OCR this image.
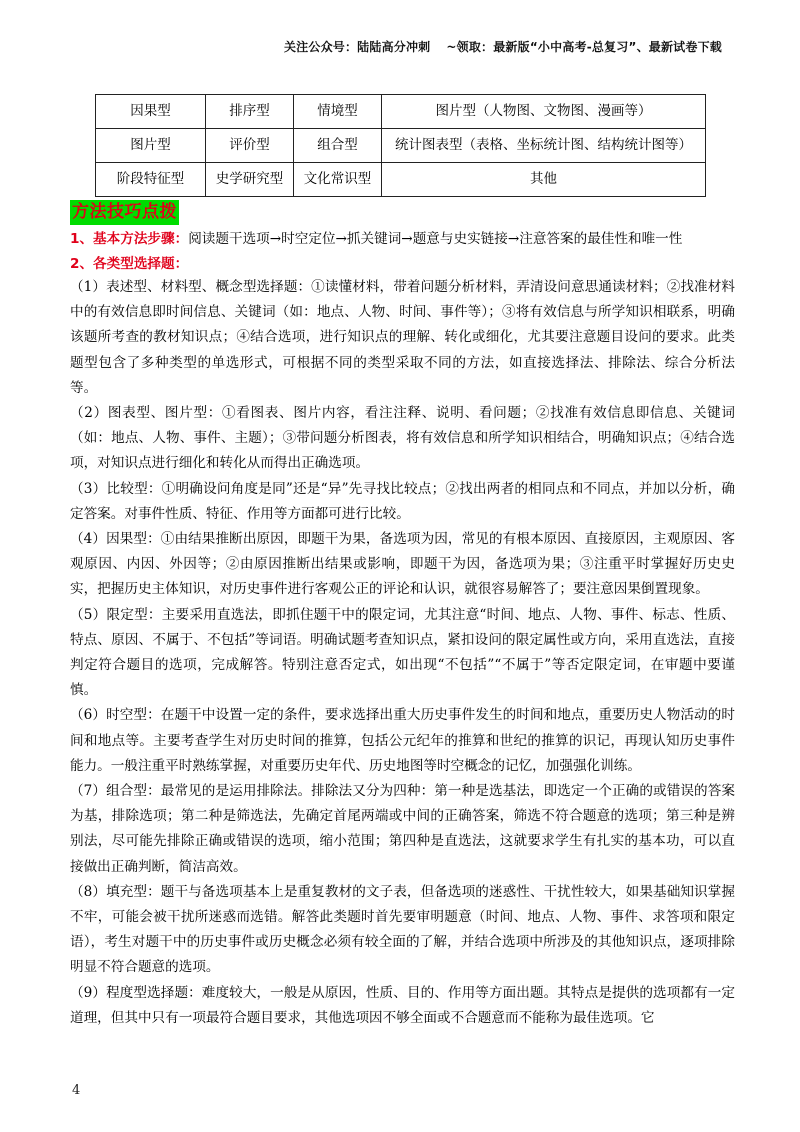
关注公众号：陆陆高分冲刺 ~领取：最新版“小中高考-总复习”、最新试卷下载
因果型	排序型	情境型	图片型（人物图、文物图、漫画等）
图片型	评价型	组合型	统计图表型（表格、坐标统计图、结构统计图等）
阶段特征型	史学研究型	文化常识型	其他
方法技巧点拨
1、基本方法步骤：阅读题干选项→时空定位→抓关键词→题意与史实链接→注意答案的最佳性和唯一性
2、各类型选择题：

（1）表述型、材料型、概念型选择题：①读懂材料，带着问题分析材料，弄清设问意思通读材料；②找准材料中的有效信息即时间信息、关键词（如：地点、人物、时间、事件等）；③将有效信息与所学知识相联系，明确该题所考查的教材知识点；④结合选项，进行知识点的理解、转化或细化，尤其要注意题目设问的要求。此类题型包含了多种类型的单选形式，可根据不同的类型采取不同的方法，如直接选择法、排除法、综合分析法等。

（2）图表型、图片型：①看图表、图片内容，看注注释、说明、看问题；②找准有效信息即信息、关键词（如：地点、人物、事件、主题）；③带问题分析图表，将有效信息和所学知识相结合，明确知识点；④结合选项，对知识点进行细化和转化从而得出正确选项。

（3）比较型：①明确设问角度是同”还是“异”先寻找比较点；②找出两者的相同点和不同点，并加以分析，确定答案。对事件性质、特征、作用等方面都可进行比较。

（4）因果型：①由结果推断出原因，即题干为果，备选项为因，常见的有根本原因、直接原因，主观原因、客观原因、内因、外因等；②由原因推断出结果或影响，即题干为因，备选项为果；③注重平时掌握好历史史实，把握历史主体知识，对历史事件进行客观公正的评论和认识，就很容易解答了；要注意因果倒置现象。

（5）限定型：主要采用直选法，即抓住题干中的限定词，尤其注意“时间、地点、人物、事件、标志、性质、特点、原因、不属于、不包括”等词语。明确试题考查知识点，紧扣设问的限定属性或方向，采用直选法，直接判定符合题目的选项，完成解答。特别注意否定式，如出现“不包括”“不属于”等否定限定词，在审题中要谨慎。

（6）时空型：在题干中设置一定的条件，要求选择出重大历史事件发生的时间和地点，重要历史人物活动的时间和地点等。主要考查学生对历史时间的推算，包括公元纪年的推算和世纪的推算的识记，再现认知历史事件能力。一般注重平时熟练掌握，对重要历史年代、历史地图等时空概念的记忆，加强强化训练。

（7）组合型：最常见的是运用排除法。排除法又分为四种：第一种是选基法，即选定一个正确的或错误的答案为基，排除选项；第二种是筛选法，先确定首尾两端或中间的正确答案，筛选不符合题意的选项；第三种是辨别法，尽可能先排除正确或错误的选项，缩小范围；第四种是直选法，这就要求学生有扎实的基本功，可以直接做出正确判断，简洁高效。

（8）填充型：题干与备选项基本上是重复教材的文子表，但备选项的迷惑性、干扰性较大，如果基础知识掌握不牢，可能会被干扰所迷惑而选错。解答此类题时首先要审明题意（时间、地点、人物、事件、求答项和限定语），考生对题干中的历史事件或历史概念必须有较全面的了解，并结合选项中所涉及的其他知识点，逐项排除明显不符合题意的选项。

（9）程度型选择题：难度较大，一般是从原因，性质、目的、作用等方面出题。其特点是提供的选项都有一定道理，但其中只有一项最符合题目要求，其他选项因不够全面或不合题意而不能称为最佳选项。它

4
